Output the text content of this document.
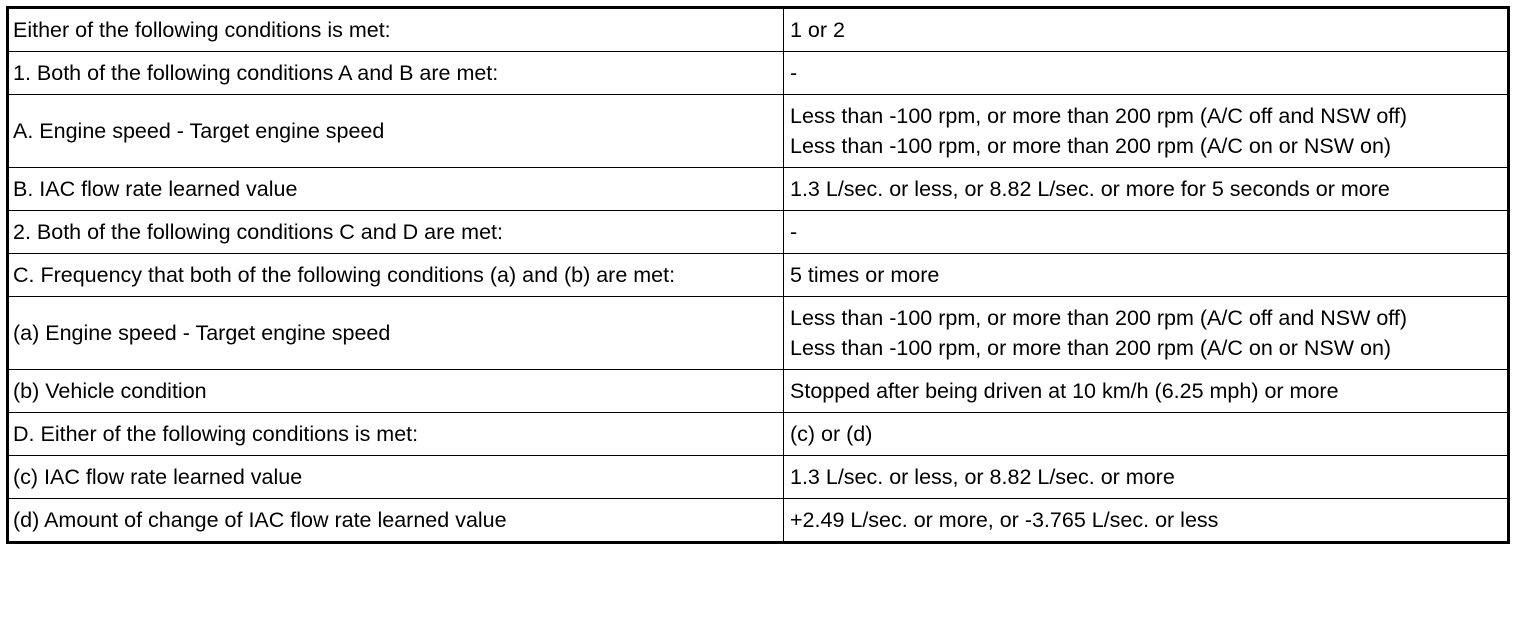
Either of the following conditions is met:	1 or 2
1. Both of the following conditions A and B are met:	-
A. Engine speed - Target engine speed	Less than -100 rpm, or more than 200 rpm (A/C off and NSW off)
Less than -100 rpm, or more than 200 rpm (A/C on or NSW on)
B. IAC flow rate learned value	1.3 L/sec. or less, or 8.82 L/sec. or more for 5 seconds or more
2. Both of the following conditions C and D are met:	-
C. Frequency that both of the following conditions (a) and (b) are met:	5 times or more
(a) Engine speed - Target engine speed	Less than -100 rpm, or more than 200 rpm (A/C off and NSW off)
Less than -100 rpm, or more than 200 rpm (A/C on or NSW on)
(b) Vehicle condition	Stopped after being driven at 10 km/h (6.25 mph) or more
D. Either of the following conditions is met:	(c) or (d)
(c) IAC flow rate learned value	1.3 L/sec. or less, or 8.82 L/sec. or more
(d) Amount of change of IAC flow rate learned value	+2.49 L/sec. or more, or -3.765 L/sec. or less
